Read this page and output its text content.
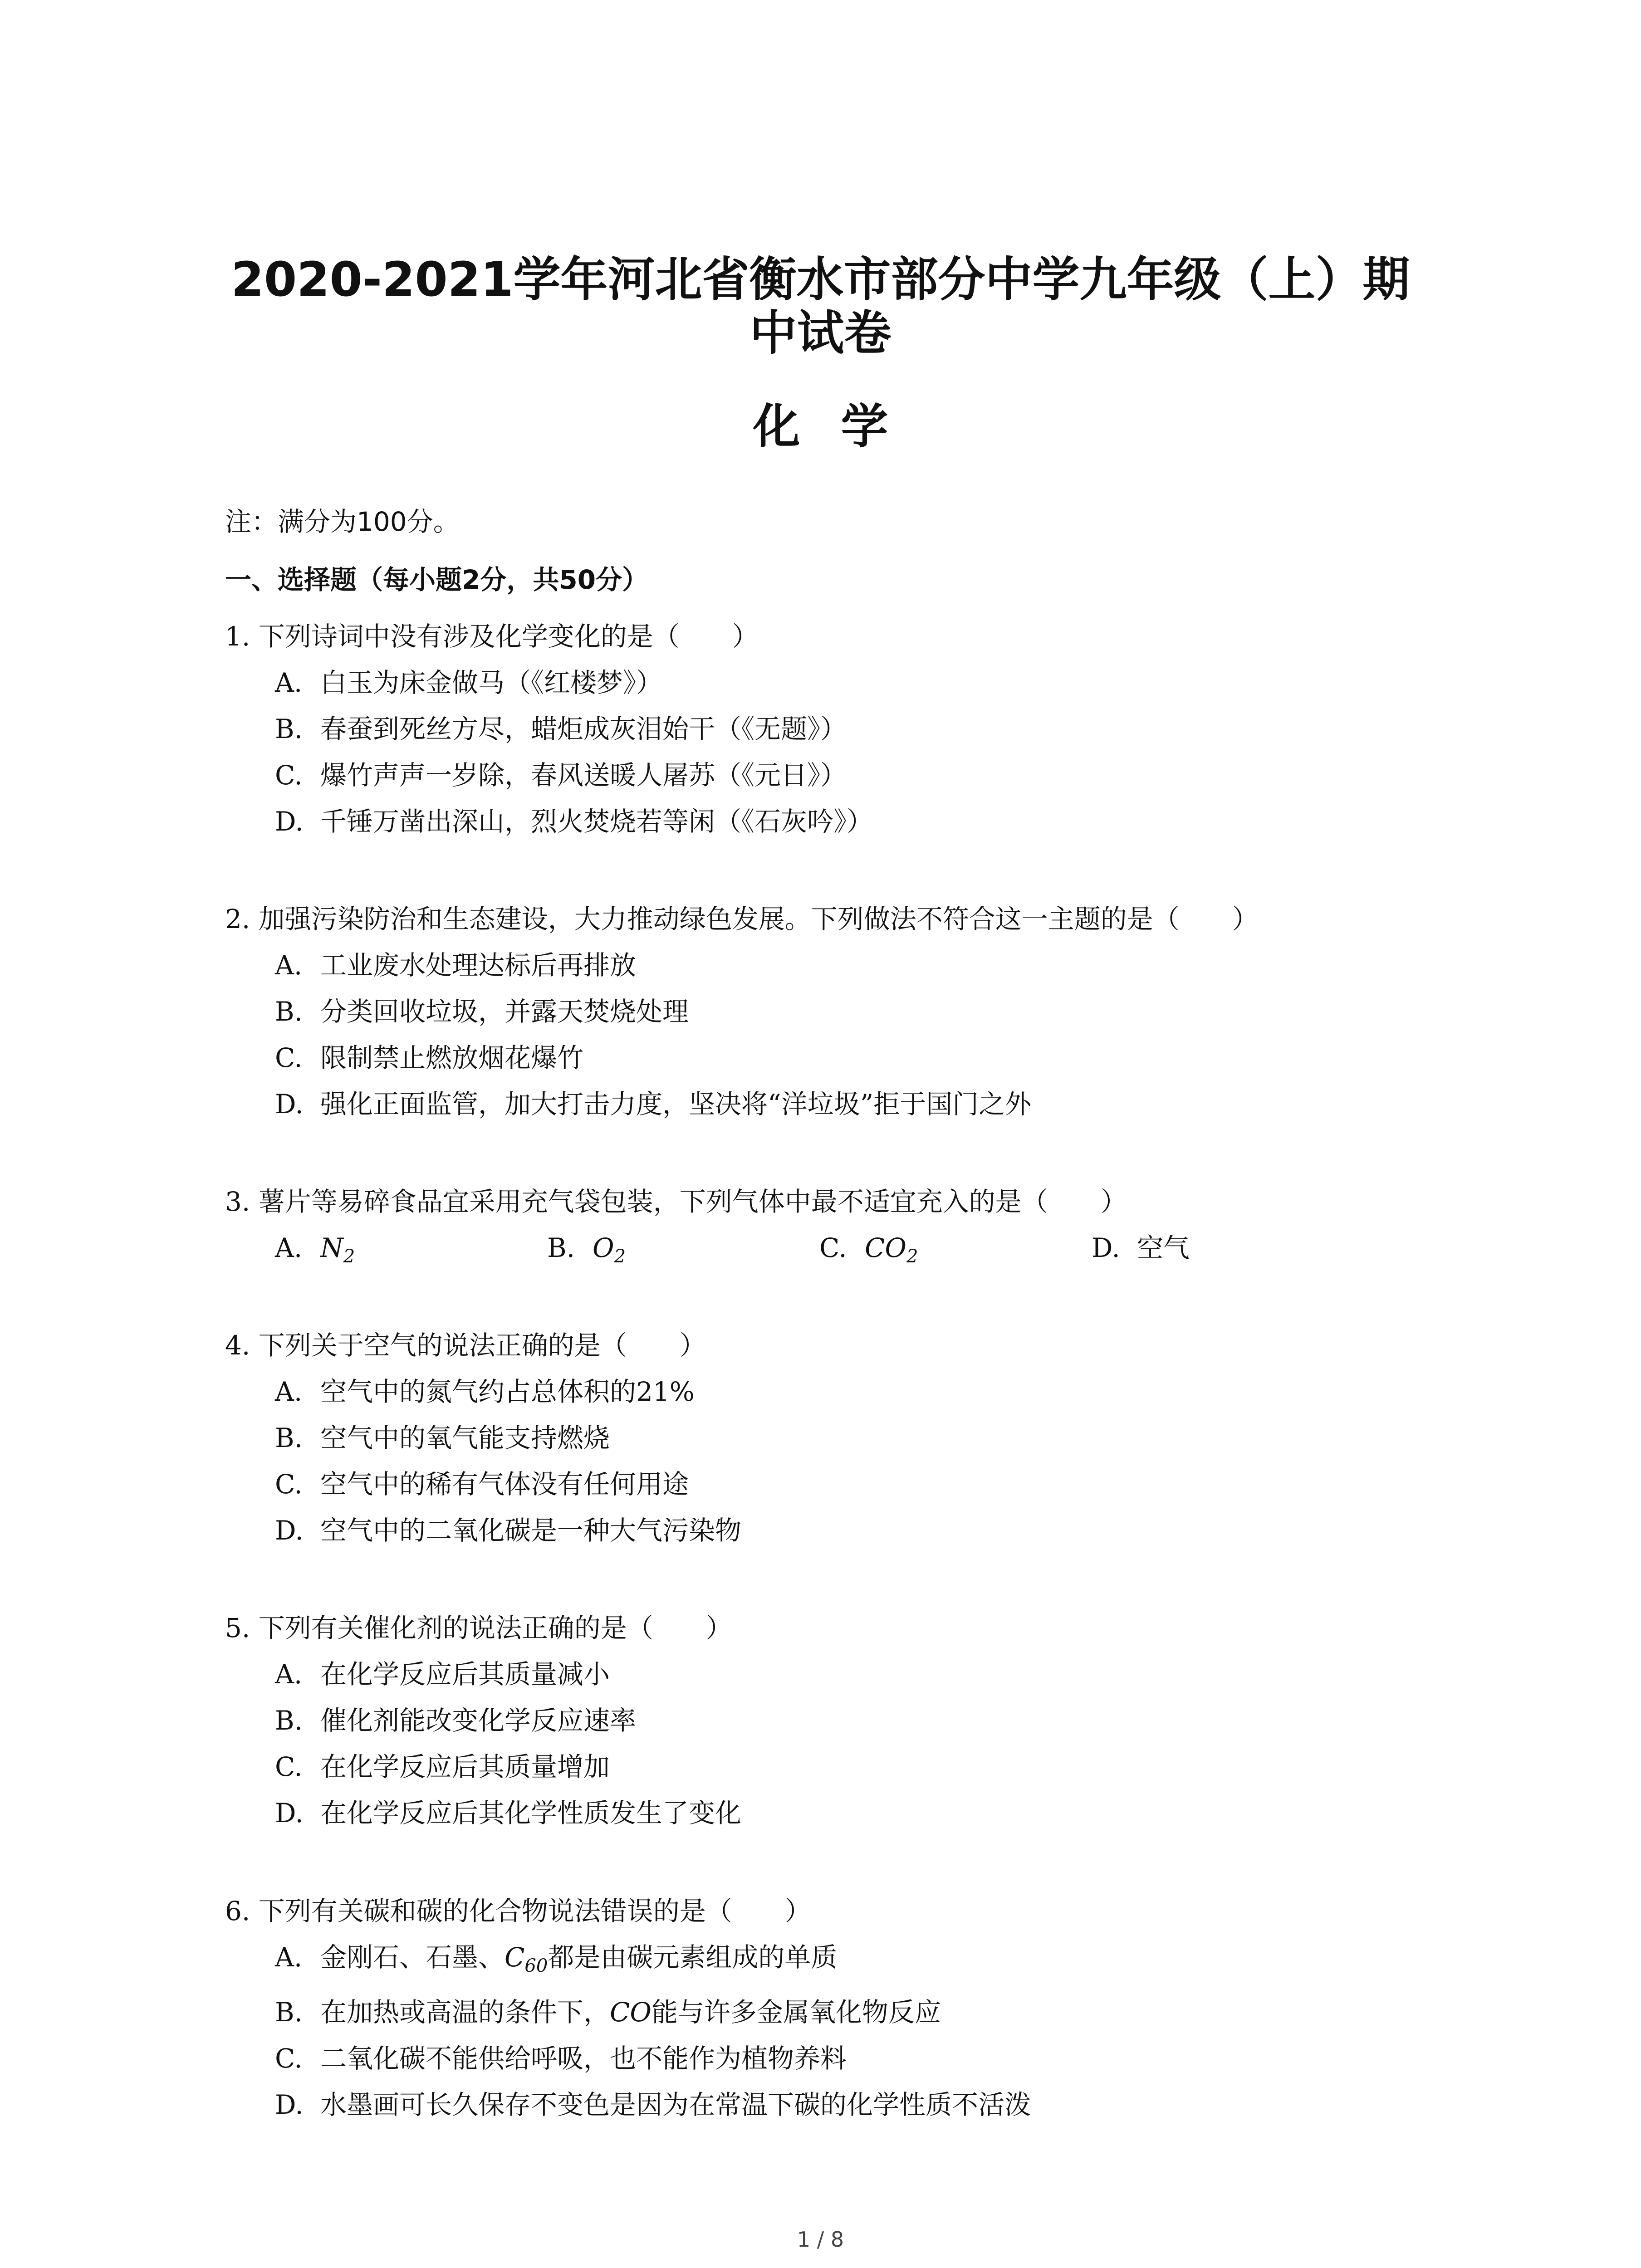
2020-2021学年河北省衡水市部分中学九年级（上）期
中试卷
化学
注：满分为100分。
一、选择题（每小题2分，共50分）
1. 下列诗词中没有涉及化学变化的是（　　）
A. 白玉为床金做马（《红楼梦》）
B. 春蚕到死丝方尽，蜡炬成灰泪始干（《无题》）
C. 爆竹声声一岁除，春风送暖人屠苏（《元日》）
D. 千锤万凿出深山，烈火焚烧若等闲（《石灰吟》）
2. 加强污染防治和生态建设，大力推动绿色发展。下列做法不符合这一主题的是（　　）
A. 工业废水处理达标后再排放
B. 分类回收垃圾，并露天焚烧处理
C. 限制禁止燃放烟花爆竹
D. 强化正面监管，加大打击力度，坚决将“洋垃圾”拒于国门之外
3. 薯片等易碎食品宜采用充气袋包装，下列气体中最不适宜充入的是（　　）
A. $N_2$	B. $O_2$	C. $CO_2$	D. 空气
4. 下列关于空气的说法正确的是（　　）
A. 空气中的氮气约占总体积的21%
B. 空气中的氧气能支持燃烧
C. 空气中的稀有气体没有任何用途
D. 空气中的二氧化碳是一种大气污染物
5. 下列有关催化剂的说法正确的是（　　）
A. 在化学反应后其质量减小
B. 催化剂能改变化学反应速率
C. 在化学反应后其质量增加
D. 在化学反应后其化学性质发生了变化
6. 下列有关碳和碳的化合物说法错误的是（　　）
A. 金刚石、石墨、$C_{60}$都是由碳元素组成的单质
B. 在加热或高温的条件下，CO能与许多金属氧化物反应
C. 二氧化碳不能供给呼吸，也不能作为植物养料
D. 水墨画可长久保存不变色是因为在常温下碳的化学性质不活泼
1 / 8
